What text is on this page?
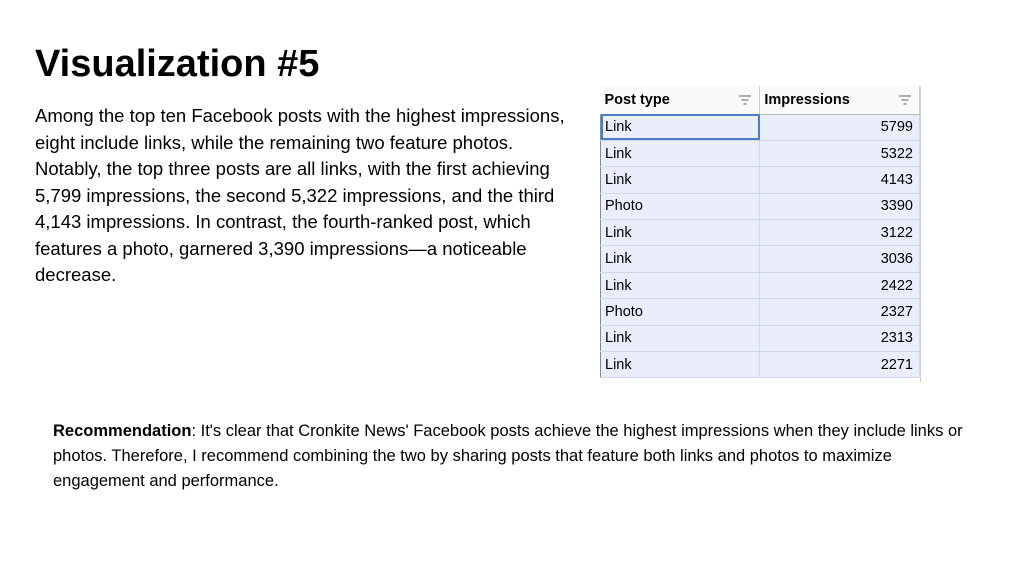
Visualization #5

Among the top ten Facebook posts with the highest impressions, eight include links, while the remaining two feature photos.

Notably, the top three posts are all links, with the first achieving 5,799 impressions, the second 5,322 impressions, and the third 4,143 impressions. In contrast, the fourth-ranked post, which features a photo, garnered 3,390 impressions—a noticeable decrease.

Post type	Impressions

Link	5799
Link	5322
Link	4143
Photo	3390
Link	3122
Link	3036
Link	2422
Photo	2327
Link	2313
Link	2271

Recommendation: It's clear that Cronkite News' Facebook posts achieve the highest impressions when they include links or photos. Therefore, I recommend combining the two by sharing posts that feature both links and photos to maximize engagement and performance.
